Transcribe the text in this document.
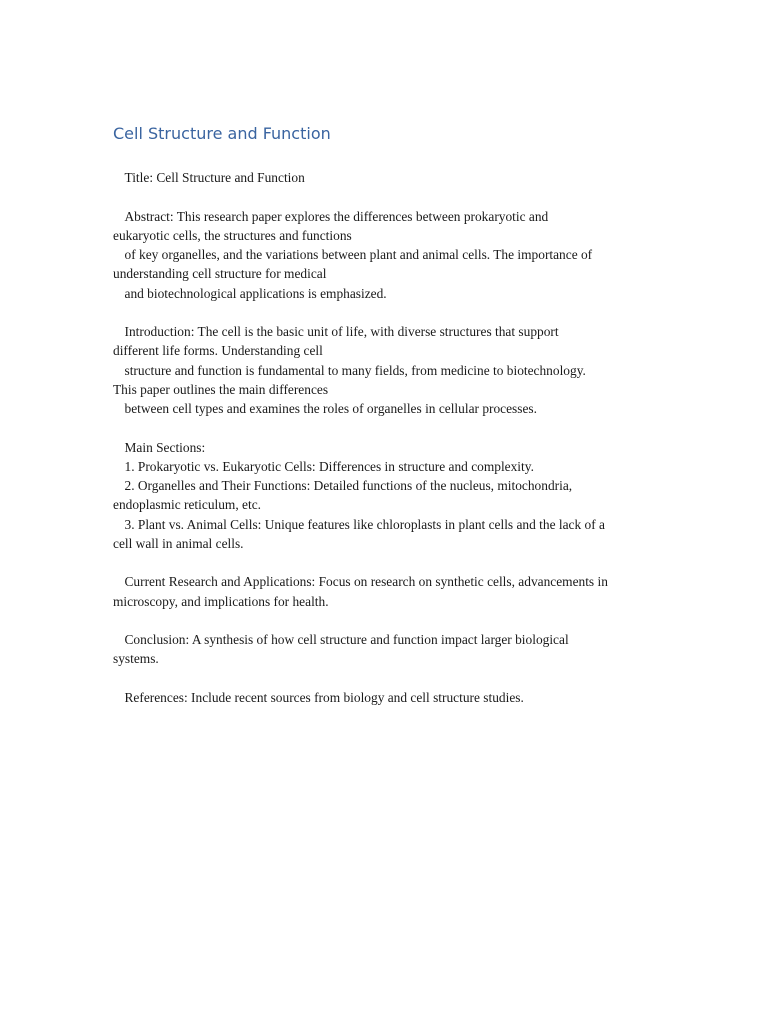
Cell Structure and Function
Title: Cell Structure and Function
Abstract: This research paper explores the differences between prokaryotic and
eukaryotic cells, the structures and functions
of key organelles, and the variations between plant and animal cells. The importance of
understanding cell structure for medical
and biotechnological applications is emphasized.
Introduction: The cell is the basic unit of life, with diverse structures that support
different life forms. Understanding cell
structure and function is fundamental to many fields, from medicine to biotechnology.
This paper outlines the main differences
between cell types and examines the roles of organelles in cellular processes.
Main Sections:
1. Prokaryotic vs. Eukaryotic Cells: Differences in structure and complexity.
2. Organelles and Their Functions: Detailed functions of the nucleus, mitochondria,
endoplasmic reticulum, etc.
3. Plant vs. Animal Cells: Unique features like chloroplasts in plant cells and the lack of a
cell wall in animal cells.
Current Research and Applications: Focus on research on synthetic cells, advancements in
microscopy, and implications for health.
Conclusion: A synthesis of how cell structure and function impact larger biological
systems.
References: Include recent sources from biology and cell structure studies.
